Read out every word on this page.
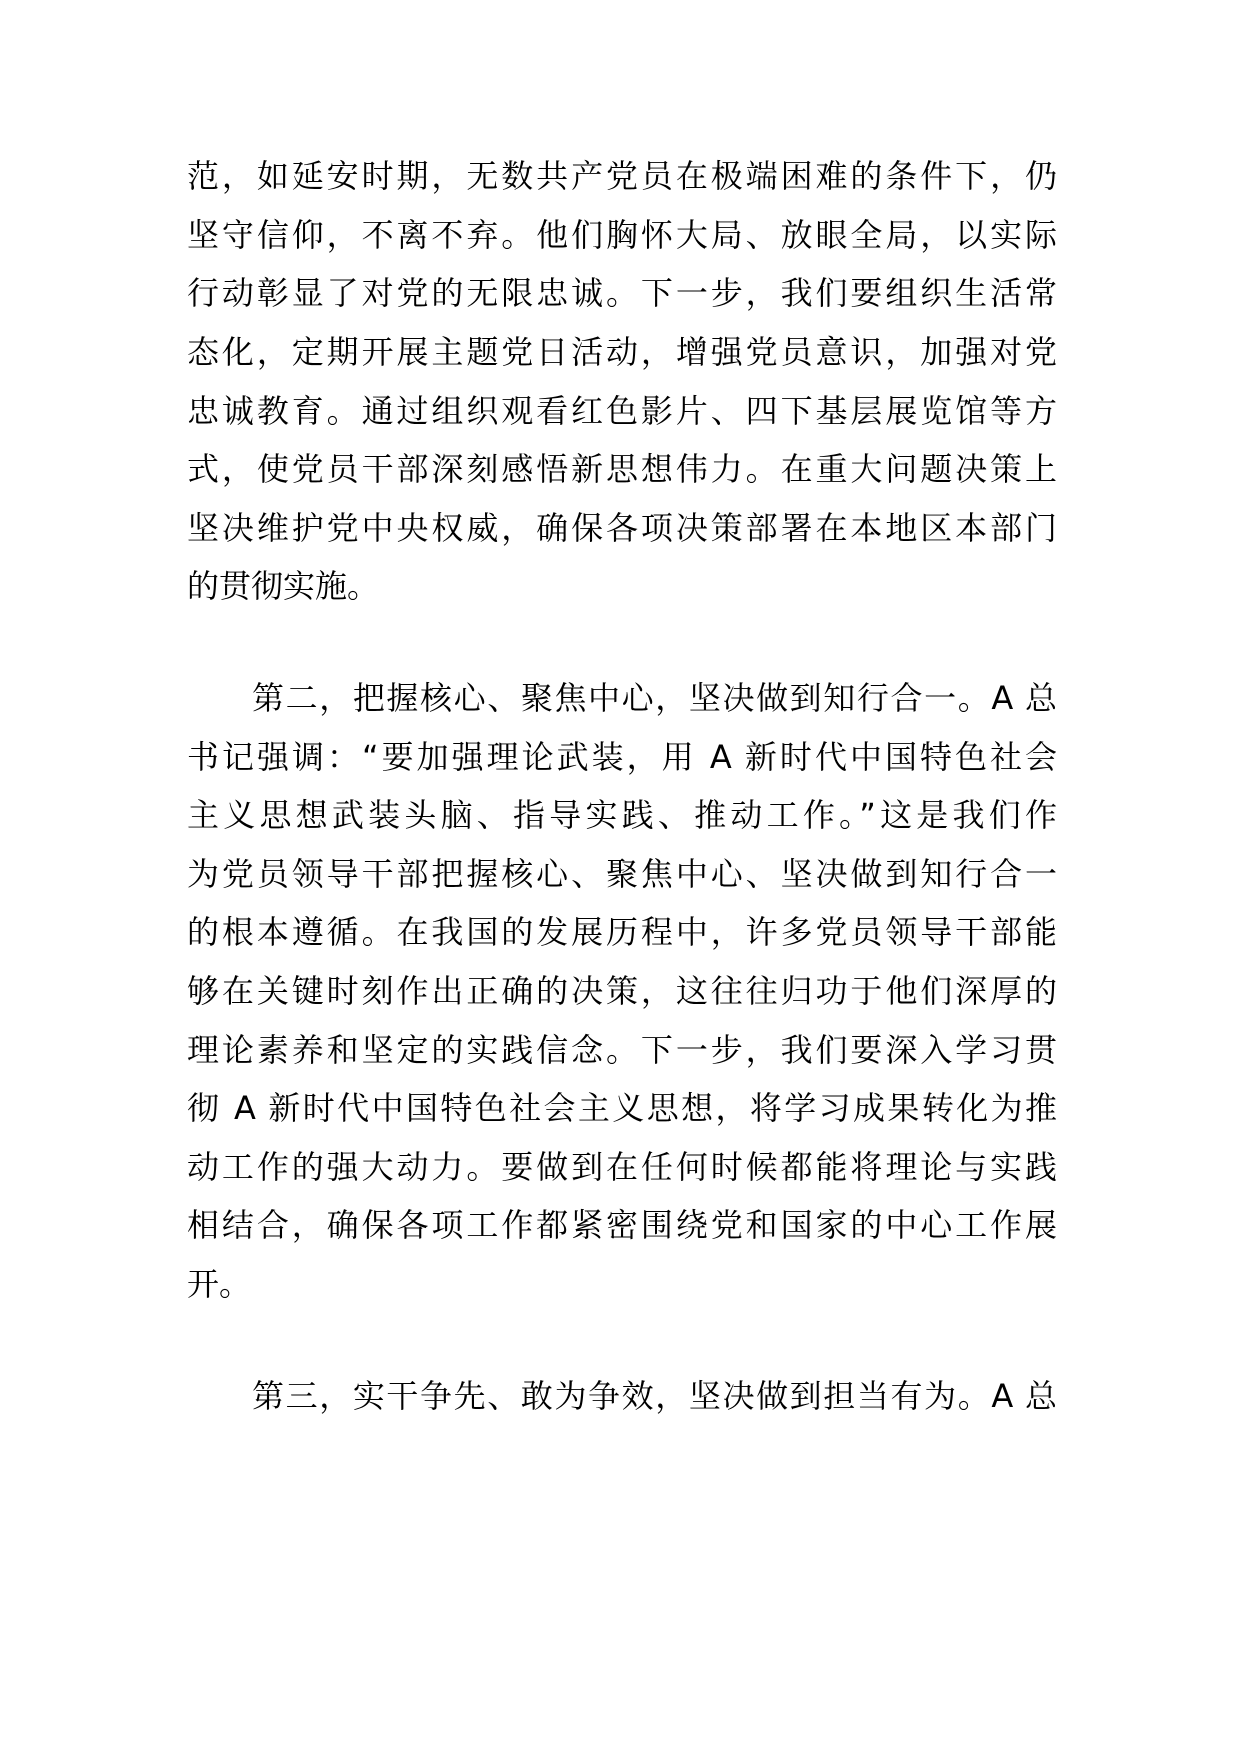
范，如延安时期，无数共产党员在极端困难的条件下，仍
坚守信仰，不离不弃。他们胸怀大局、放眼全局，以实际
行动彰显了对党的无限忠诚。下一步，我们要组织生活常
态化，定期开展主题党日活动，增强党员意识，加强对党
忠诚教育。通过组织观看红色影片、四下基层展览馆等方
式，使党员干部深刻感悟新思想伟力。在重大问题决策上
坚决维护党中央权威，确保各项决策部署在本地区本部门
的贯彻实施。
第二，把握核心、聚焦中心，坚决做到知行合一。A 总
书记强调：“要加强理论武装，用 A 新时代中国特色社会
主义思想武装头脑、指导实践、推动工作。”这是我们作
为党员领导干部把握核心、聚焦中心、坚决做到知行合一
的根本遵循。在我国的发展历程中，许多党员领导干部能
够在关键时刻作出正确的决策，这往往归功于他们深厚的
理论素养和坚定的实践信念。下一步，我们要深入学习贯
彻 A 新时代中国特色社会主义思想，将学习成果转化为推
动工作的强大动力。要做到在任何时候都能将理论与实践
相结合，确保各项工作都紧密围绕党和国家的中心工作展
开。
第三，实干争先、敢为争效，坚决做到担当有为。A 总
